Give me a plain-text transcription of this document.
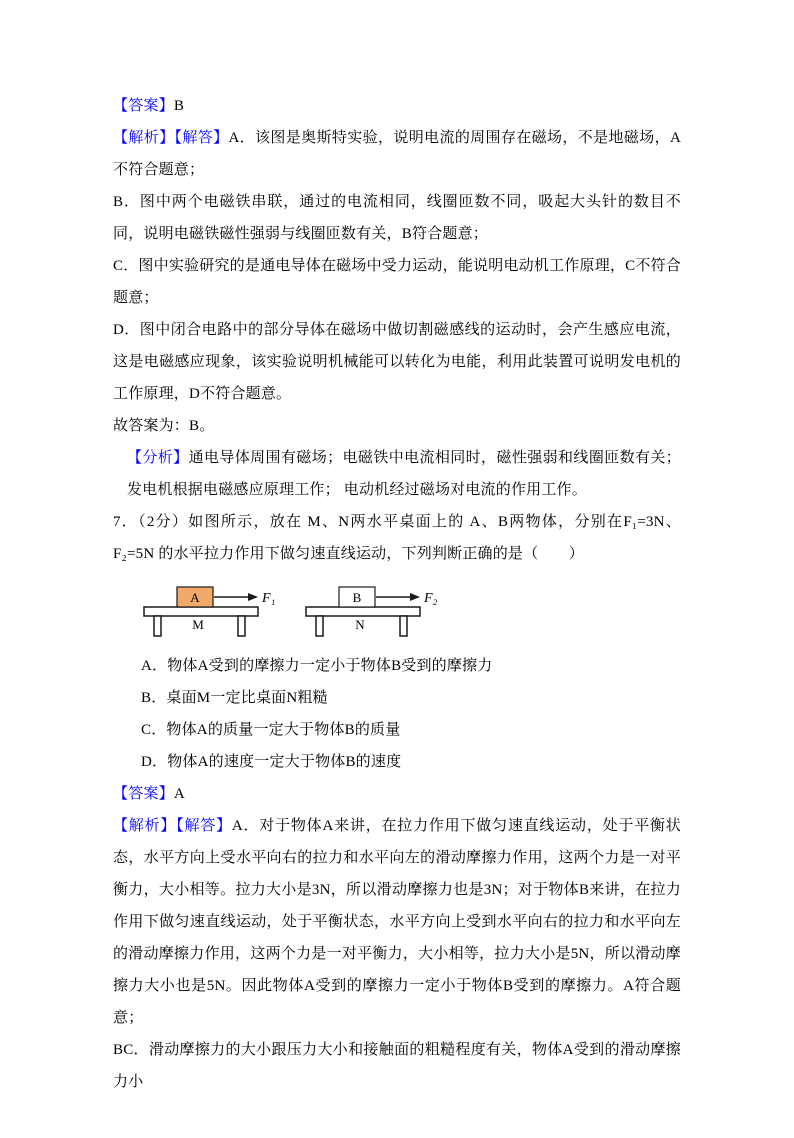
【答案】B

【解析】【解答】A．该图是奥斯特实验，说明电流的周围存在磁场，不是地磁场，A不符合题意；

B．图中两个电磁铁串联，通过的电流相同，线圈匝数不同，吸起大头针的数目不同，说明电磁铁磁性强弱与线圈匝数有关，B符合题意；

C．图中实验研究的是通电导体在磁场中受力运动，能说明电动机工作原理，C不符合题意；

D．图中闭合电路中的部分导体在磁场中做切割磁感线的运动时，会产生感应电流，这是电磁感应现象，该实验说明机械能可以转化为电能，利用此装置可说明发电机的工作原理，D不符合题意。

故答案为：B。

【分析】通电导体周围有磁场；电磁铁中电流相同时，磁性强弱和线圈匝数有关；发电机根据电磁感应原理工作； 电动机经过磁场对电流的作用工作。

7．（2分）如图所示，放在 M、N两水平桌面上的 A、B两物体，分别在F₁=3N、F₂=5N 的水平拉力作用下做匀速直线运动，下列判断正确的是（　　）

M
A	F₁
N
B	F₂

A．物体A受到的摩擦力一定小于物体B受到的摩擦力

B．桌面M一定比桌面N粗糙

C．物体A的质量一定大于物体B的质量

D．物体A的速度一定大于物体B的速度

【答案】A

【解析】【解答】A．对于物体A来讲，在拉力作用下做匀速直线运动，处于平衡状态，水平方向上受水平向右的拉力和水平向左的滑动摩擦力作用，这两个力是一对平衡力，大小相等。拉力大小是3N，所以滑动摩擦力也是3N；对于物体B来讲，在拉力作用下做匀速直线运动，处于平衡状态，水平方向上受到水平向右的拉力和水平向左的滑动摩擦力作用，这两个力是一对平衡力，大小相等，拉力大小是5N，所以滑动摩擦力大小也是5N。因此物体A受到的摩擦力一定小于物体B受到的摩擦力。A符合题意；

BC．滑动摩擦力的大小跟压力大小和接触面的粗糙程度有关，物体A受到的滑动摩擦力小
